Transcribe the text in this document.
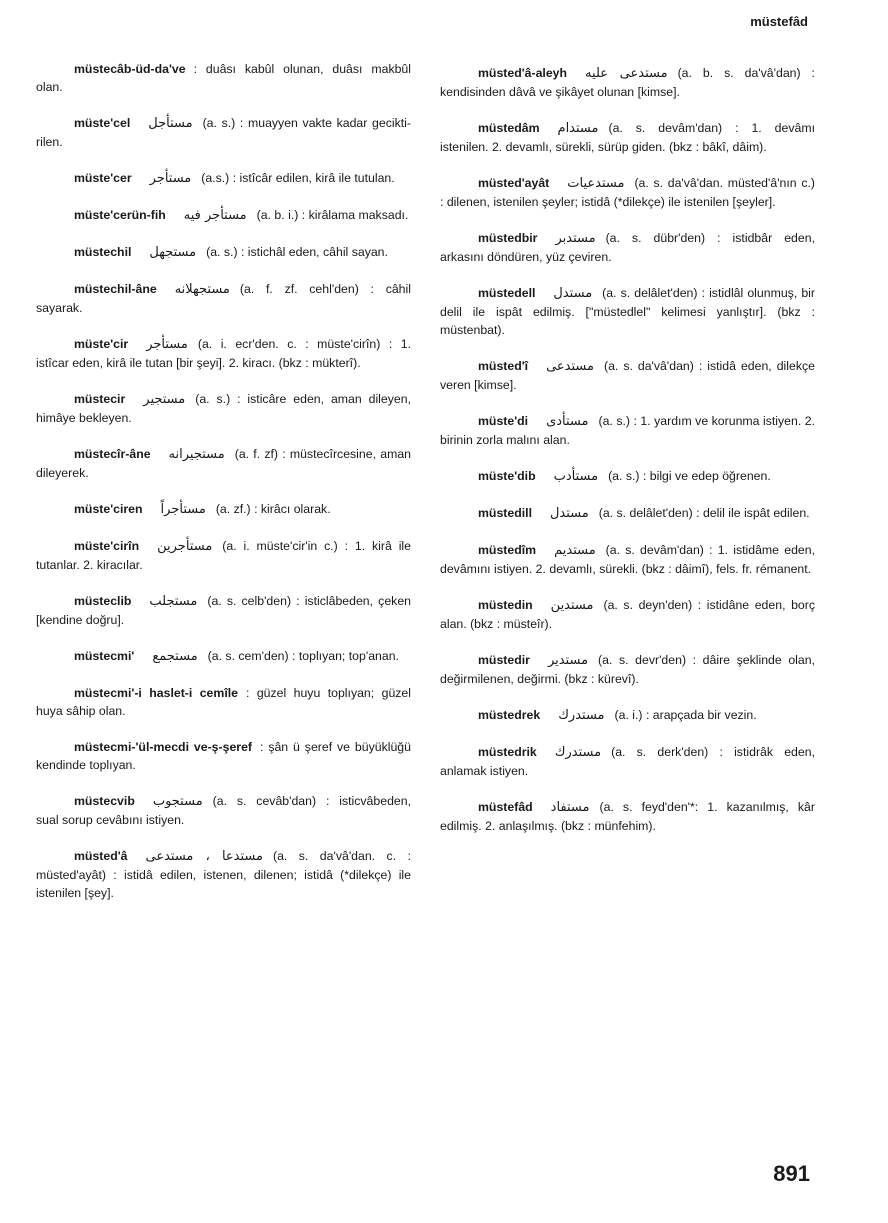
müstefâd
müstecâb-üd-da've : duâsı kabûl olunan, duâsı makbûl olan.
müste'cel مستأجل (a. s.) : muayyen vakte kadar geciktirilen.
müste'cer مستأجر (a.s.) : istîcâr edilen, kirâ ile tutulan.
müste'cerün-fih مستأجر فيه (a. b. i.) : kirâlama maksadı.
müstechil مستجهل (a. s.) : istichâl eden, câhil sayan.
müstechil-âne مستجهلانه (a. f. zf. cehl'den) : câhil sayarak.
müste'cir مستأجر (a. i. ecr'den. c. : müste'cirîn) : 1. istîcar eden, kirâ ile tutan [bir şeyi]. 2. kiracı. (bkz : mükterî).
müstecir مستجير (a. s.) : isticâre eden, aman dileyen, himâye bekleyen.
müstecîr-âne مستجيرانه (a. f. zf) : müstecîrcesine, aman dileyerek.
müste'ciren مستأجراً (a. zf.) : kirâcı olarak.
müste'cirîn مستأجرين (a. i. müste'cir'in c.) : 1. kirâ ile tutanlar. 2. kiracılar.
müsteclib مستجلب (a. s. celb'den) : isticlâbeden, çeken [kendine doğru].
müstecmi' مستجمع (a. s. cem'den) : toplıyan; top'anan.
müstecmi'-i haslet-i cemîle : güzel huyu toplıyan; güzel huya sâhip olan.
müstecmi-'ül-mecdi ve-ş-şeref : şân ü şeref ve büyüklüğü kendinde toplıyan.
müstecvib مستجوب (a. s. cevâb'dan) : isticvâbeden, sual sorup cevâbını istiyen.
müsted'â مستدعا ، مستدعى (a. s. da'vâ'dan. c. : müsted'ayât) : istidâ edilen, istenen, dilenen; istidâ (*dilekçe) ile istenilen [şey].
müsted'â-aleyh مستدعى عليه (a. b. s. da'vâ'dan) : kendisinden dâvâ ve şikâyet olunan [kimse].
müstedâm مستدام (a. s. devâm'dan) : 1. devâmı istenilen. 2. devamlı, sürekli, sürüp giden. (bkz : bâkî, dâim).
müsted'ayât مستدعيات (a. s. da'vâ'dan. müsted'â'nın c.) : dilenen, istenilen şeyler; istidâ (*dilekçe) ile istenilen [şeyler].
müstedbir مستدبر (a. s. dübr'den) : istidbâr eden, arkasını döndüren, yüz çeviren.
müstedell مستدل (a. s. delâlet'den) : istidlâl olunmuş, bir delil ile ispât edilmiş. ["müstedlel" kelimesi yanlıştır]. (bkz : müstenbat).
müsted'î مستدعى (a. s. da'vâ'dan) : istidâ eden, dilekçe veren [kimse].
müste'di مستأدى (a. s.) : 1. yardım ve korunma istiyen. 2. birinin zorla malını alan.
müste'dib مستأدب (a. s.) : bilgi ve edep öğrenen.
müstedill مستدل (a. s. delâlet'den) : delil ile ispât edilen.
müstedîm مستديم (a. s. devâm'dan) : 1. istidâme eden, devâmını istiyen. 2. devamlı, sürekli. (bkz : dâimî), fels. fr. rémanent.
müstedin مستدين (a. s. deyn'den) : istidâne eden, borç alan. (bkz : müsteîr).
müstedir مستدير (a. s. devr'den) : dâire şeklinde olan, değirmilenen, değirmi. (bkz : kürevî).
müstedrek مستدرك (a. i.) : arapçada bir vezin.
müstedrik مستدرك (a. s. derk'den) : istidrâk eden, anlamak istiyen.
müstefâd مستفاد (a. s. feyd'den'*: 1. kazanılmış, kâr edilmiş. 2. anlaşılmış. (bkz : münfehim).
891
